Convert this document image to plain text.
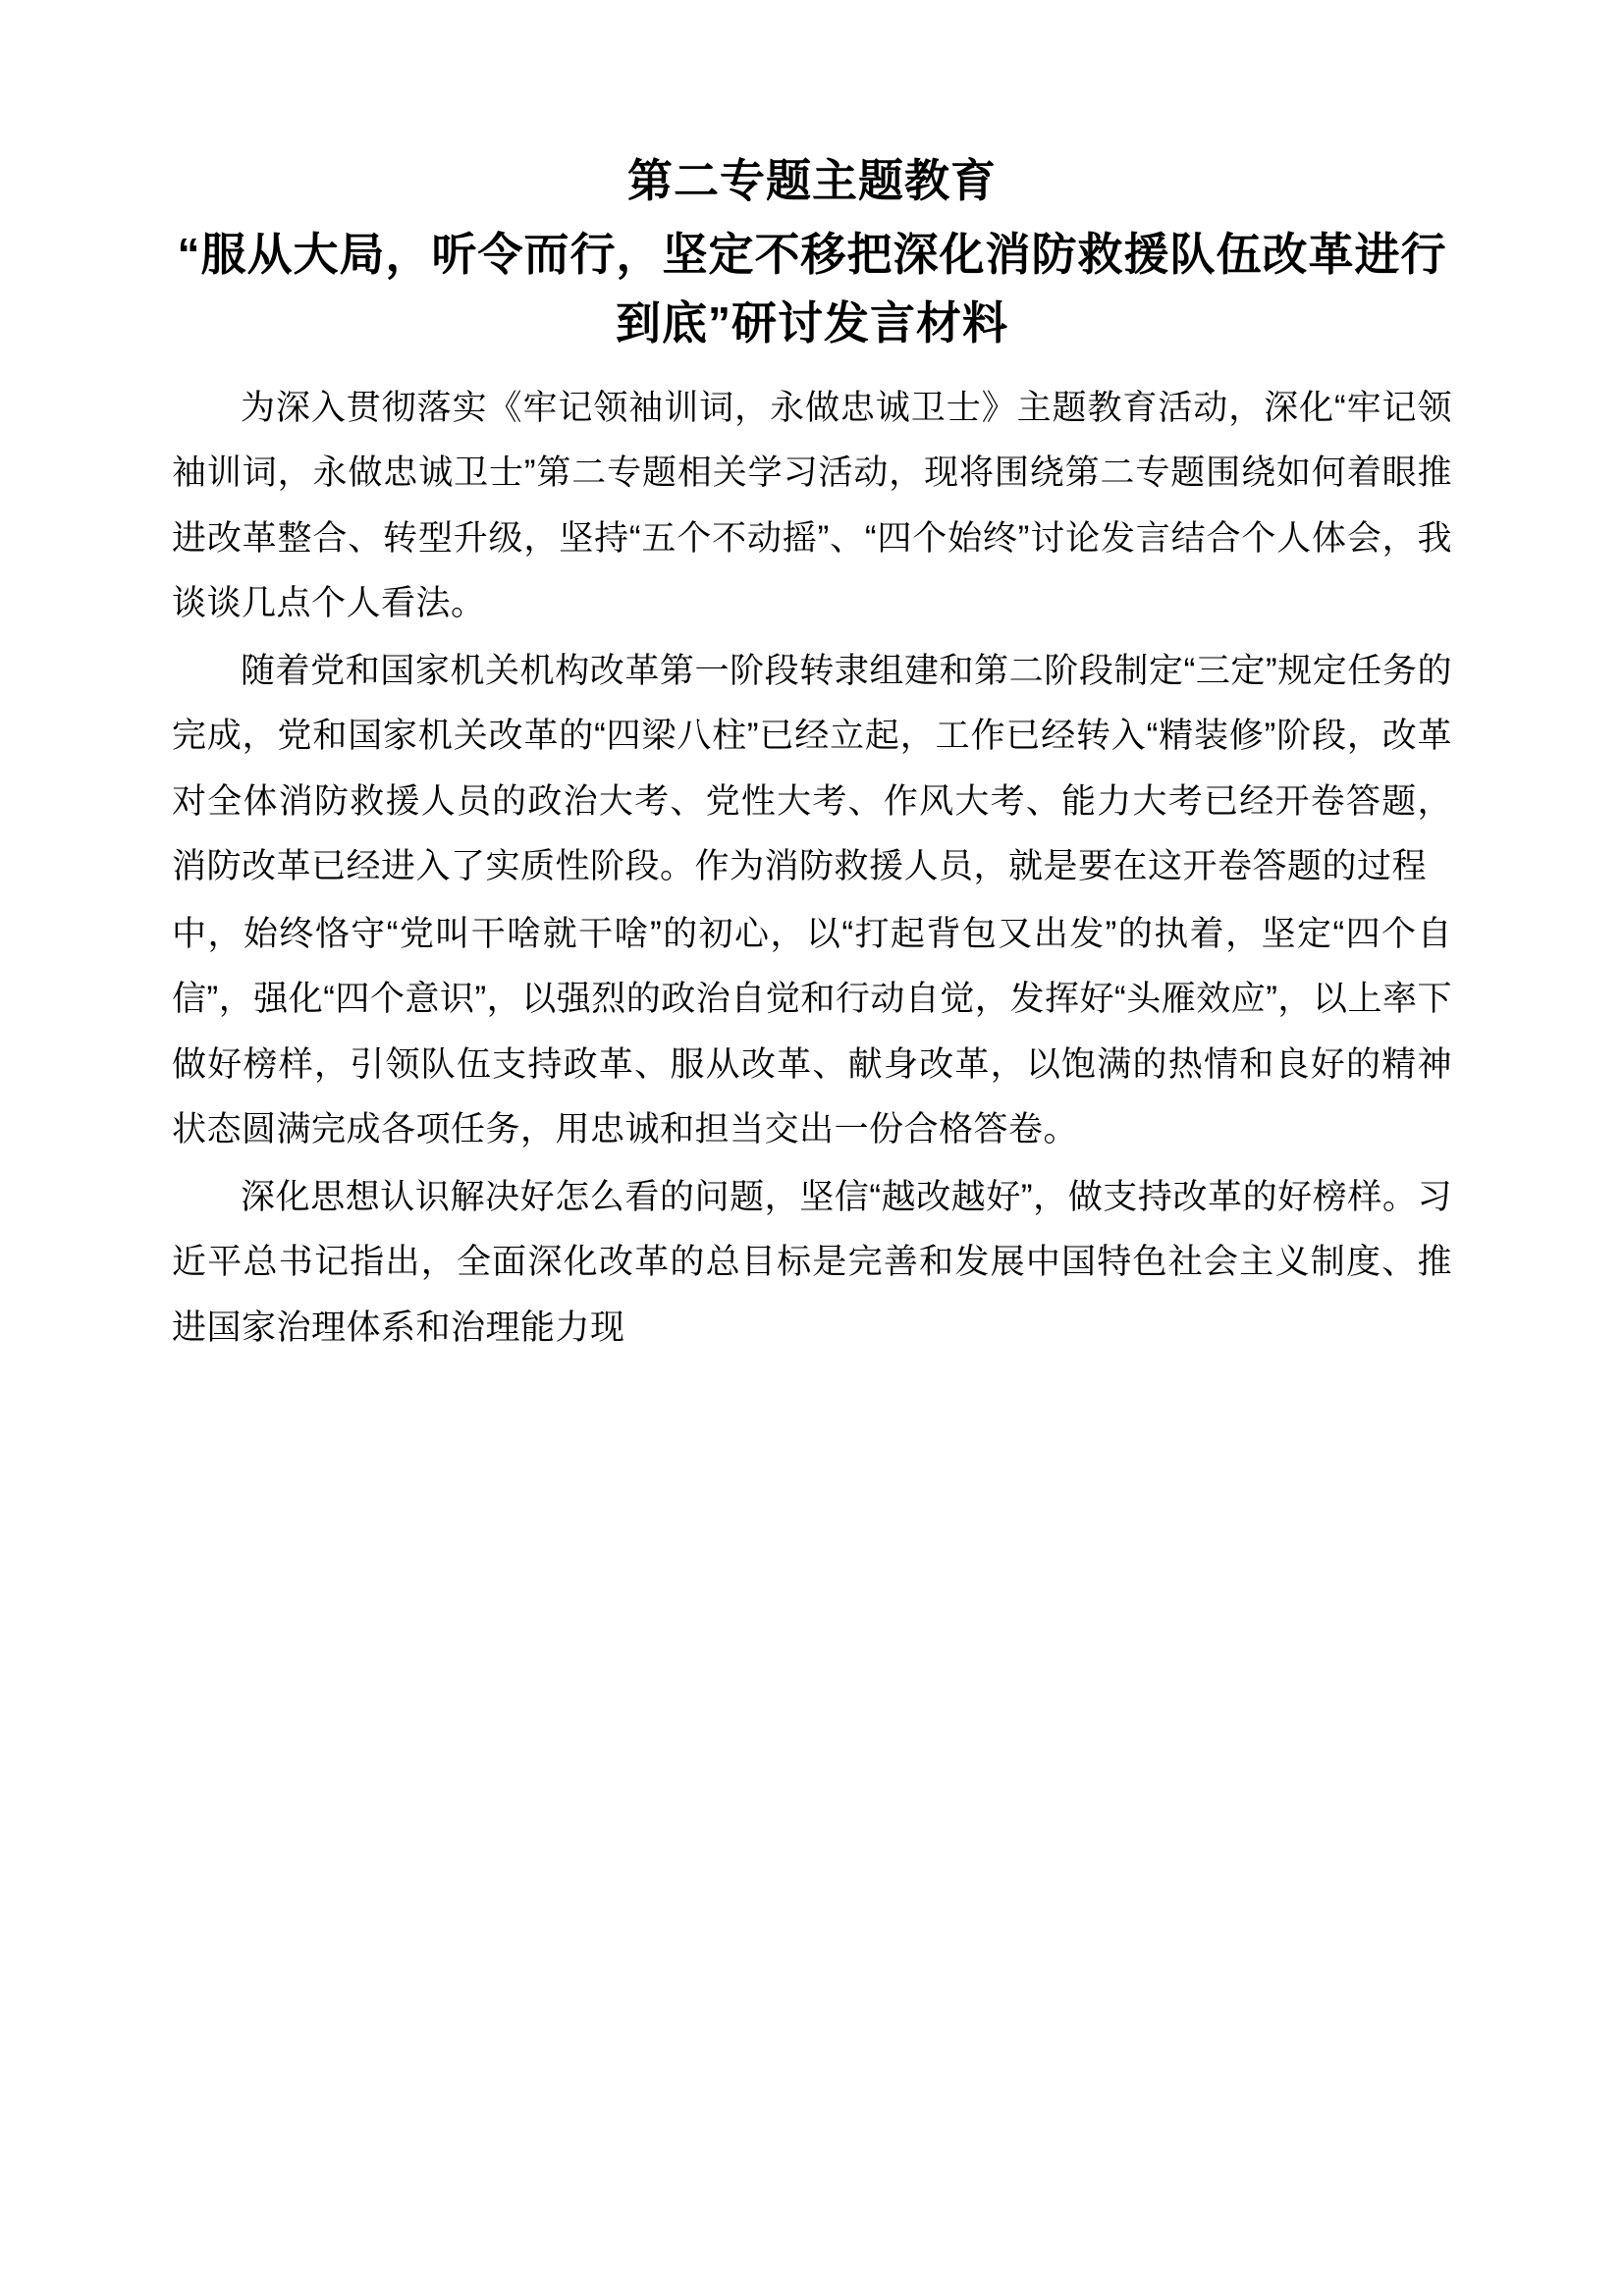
第二专题主题教育
“服从大局，听令而行，坚定不移把深化消防救援队伍改革进行到底”研讨发言材料

为深入贯彻落实《牢记领袖训词，永做忠诚卫士》主题教育活动，深化“牢记领袖训词，永做忠诚卫士”第二专题相关学习活动，现将围绕第二专题围绕如何着眼推进改革整合、转型升级，坚持“五个不动摇”、“四个始终”讨论发言结合个人体会，我谈谈几点个人看法。

随着党和国家机关机构改革第一阶段转隶组建和第二阶段制定“三定”规定任务的完成，党和国家机关改革的“四梁八柱”已经立起，工作已经转入“精装修”阶段，改革对全体消防救援人员的政治大考、党性大考、作风大考、能力大考已经开卷答题，消防改革已经进入了实质性阶段。作为消防救援人员，就是要在这开卷答题的过程

中，始终恪守“党叫干啥就干啥”的初心，以“打起背包又出发”的执着，坚定“四个自信”，强化“四个意识”，以强烈的政治自觉和行动自觉，发挥好“头雁效应”，以上率下做好榜样，引领队伍支持政革、服从改革、献身改革，以饱满的热情和良好的精神状态圆满完成各项任务，用忠诚和担当交出一份合格答卷。

深化思想认识解决好怎么看的问题，坚信“越改越好”，做支持改革的好榜样。习近平总书记指出，全面深化改革的总目标是完善和发展中国特色社会主义制度、推进国家治理体系和治理能力现
